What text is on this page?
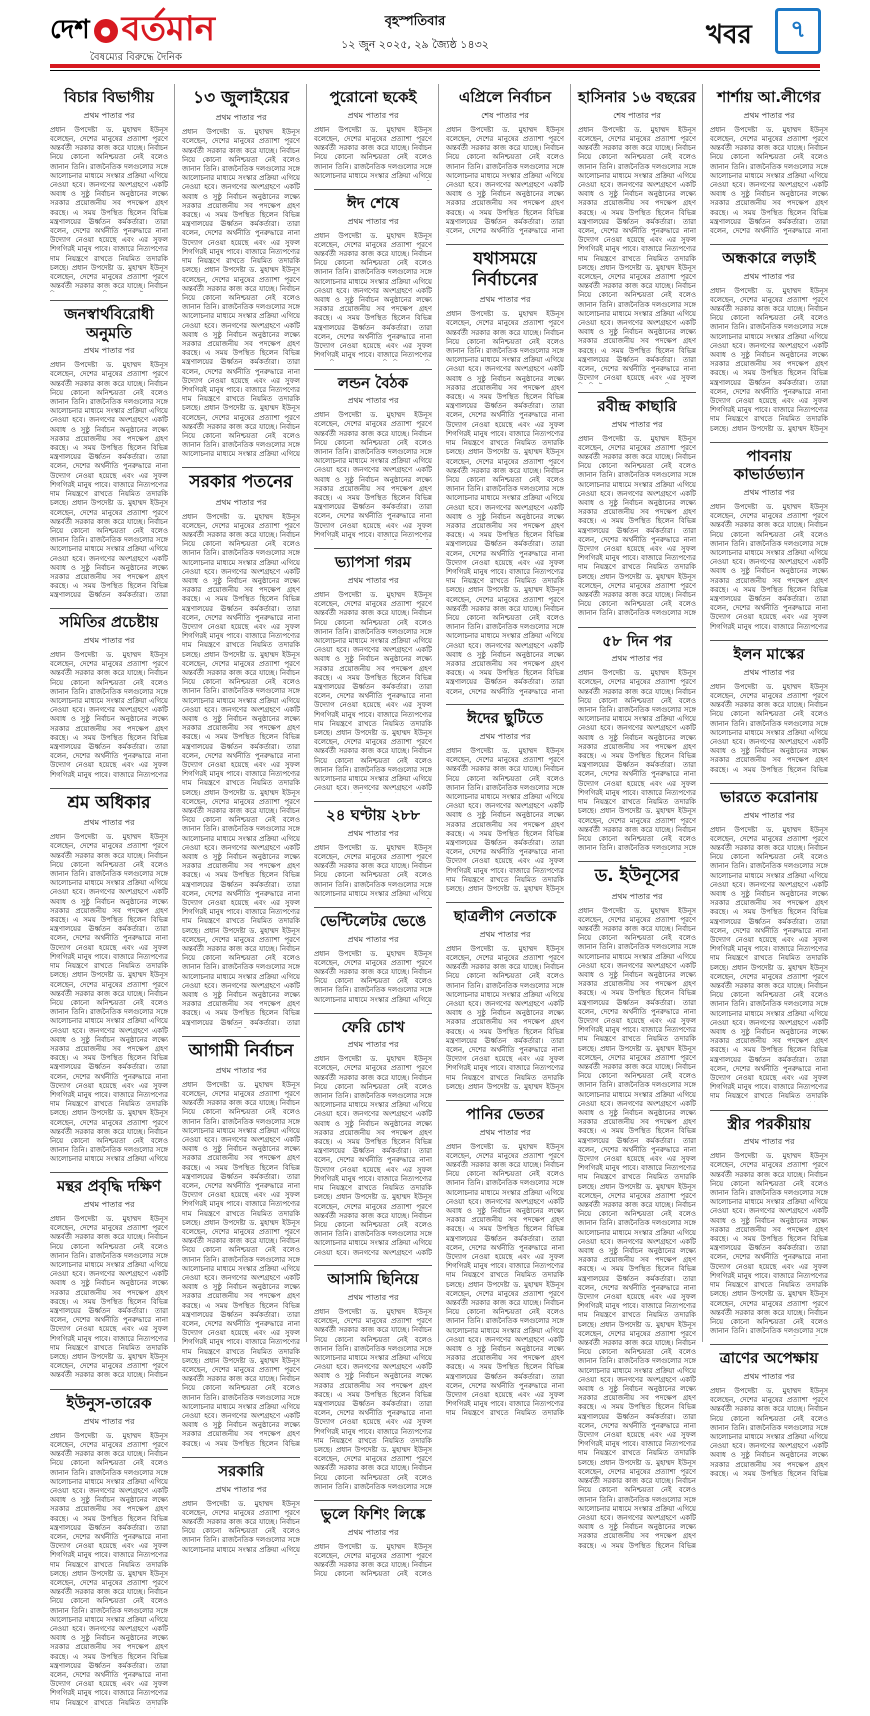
দেশ ● বর্তমান
বৈষম্যের বিরুদ্ধে দৈনিক
বৃহস্পতিবার
১২ জুন ২০২৫, ২৯ জ্যৈষ্ঠ ১৪৩২	খবর	৭
বিচার বিভাগীয়
প্রথম পাতার পর
প্রধান উপদেষ্টা ড. মুহাম্মদ ইউনূস বলেছেন, দেশের মানুষের প্রত্যাশা পূরণে অন্তর্বর্তী সরকার কাজ করে যাচ্ছে। নির্বাচন নিয়ে কোনো অনিশ্চয়তা নেই বলেও জানান তিনি। রাজনৈতিক দলগুলোর সঙ্গে আলোচনার মাধ্যমে সংস্কার প্রক্রিয়া এগিয়ে নেওয়া হবে। জনগণের অংশগ্রহণে একটি অবাধ ও সুষ্ঠু নির্বাচন অনুষ্ঠানের লক্ষ্যে সরকার প্রয়োজনীয় সব পদক্ষেপ গ্রহণ করছে। এ সময় উপস্থিত ছিলেন বিভিন্ন মন্ত্রণালয়ের ঊর্ধ্বতন কর্মকর্তারা। তারা বলেন, দেশের অর্থনীতি পুনরুদ্ধারে নানা উদ্যোগ নেওয়া হয়েছে এবং এর সুফল শিগগিরই মানুষ পাবে। বাজারে নিত্যপণ্যের দাম নিয়ন্ত্রণে রাখতে নিয়মিত তদারকি চলছে। প্রধান উপদেষ্টা ড. মুহাম্মদ ইউনূস বলেছেন, দেশের মানুষের প্রত্যাশা পূরণে অন্তর্বর্তী সরকার কাজ করে যাচ্ছে। নির্বাচন
জনস্বার্থবিরোধী অনুমতি
প্রথম পাতার পর
প্রধান উপদেষ্টা ড. মুহাম্মদ ইউনূস বলেছেন, দেশের মানুষের প্রত্যাশা পূরণে অন্তর্বর্তী সরকার কাজ করে যাচ্ছে। নির্বাচন নিয়ে কোনো অনিশ্চয়তা নেই বলেও জানান তিনি। রাজনৈতিক দলগুলোর সঙ্গে আলোচনার মাধ্যমে সংস্কার প্রক্রিয়া এগিয়ে নেওয়া হবে। জনগণের অংশগ্রহণে একটি অবাধ ও সুষ্ঠু নির্বাচন অনুষ্ঠানের লক্ষ্যে সরকার প্রয়োজনীয় সব পদক্ষেপ গ্রহণ করছে। এ সময় উপস্থিত ছিলেন বিভিন্ন মন্ত্রণালয়ের ঊর্ধ্বতন কর্মকর্তারা। তারা বলেন, দেশের অর্থনীতি পুনরুদ্ধারে নানা উদ্যোগ নেওয়া হয়েছে এবং এর সুফল শিগগিরই মানুষ পাবে। বাজারে নিত্যপণ্যের দাম নিয়ন্ত্রণে রাখতে নিয়মিত তদারকি চলছে। প্রধান উপদেষ্টা ড. মুহাম্মদ ইউনূস বলেছেন, দেশের মানুষের প্রত্যাশা পূরণে অন্তর্বর্তী সরকার কাজ করে যাচ্ছে। নির্বাচন নিয়ে কোনো অনিশ্চয়তা নেই বলেও জানান তিনি। রাজনৈতিক দলগুলোর সঙ্গে আলোচনার মাধ্যমে সংস্কার প্রক্রিয়া এগিয়ে নেওয়া হবে। জনগণের অংশগ্রহণে একটি অবাধ ও সুষ্ঠু নির্বাচন অনুষ্ঠানের লক্ষ্যে সরকার প্রয়োজনীয় সব পদক্ষেপ গ্রহণ করছে। এ সময় উপস্থিত ছিলেন বিভিন্ন মন্ত্রণালয়ের ঊর্ধ্বতন কর্মকর্তারা। তারা
সমিতির প্রচেষ্টায়
প্রথম পাতার পর
প্রধান উপদেষ্টা ড. মুহাম্মদ ইউনূস বলেছেন, দেশের মানুষের প্রত্যাশা পূরণে অন্তর্বর্তী সরকার কাজ করে যাচ্ছে। নির্বাচন নিয়ে কোনো অনিশ্চয়তা নেই বলেও জানান তিনি। রাজনৈতিক দলগুলোর সঙ্গে আলোচনার মাধ্যমে সংস্কার প্রক্রিয়া এগিয়ে নেওয়া হবে। জনগণের অংশগ্রহণে একটি অবাধ ও সুষ্ঠু নির্বাচন অনুষ্ঠানের লক্ষ্যে সরকার প্রয়োজনীয় সব পদক্ষেপ গ্রহণ করছে। এ সময় উপস্থিত ছিলেন বিভিন্ন মন্ত্রণালয়ের ঊর্ধ্বতন কর্মকর্তারা। তারা বলেন, দেশের অর্থনীতি পুনরুদ্ধারে নানা উদ্যোগ নেওয়া হয়েছে এবং এর সুফল শিগগিরই মানুষ পাবে। বাজারে নিত্যপণ্যের
শ্রম অধিকার
প্রথম পাতার পর
প্রধান উপদেষ্টা ড. মুহাম্মদ ইউনূস বলেছেন, দেশের মানুষের প্রত্যাশা পূরণে অন্তর্বর্তী সরকার কাজ করে যাচ্ছে। নির্বাচন নিয়ে কোনো অনিশ্চয়তা নেই বলেও জানান তিনি। রাজনৈতিক দলগুলোর সঙ্গে আলোচনার মাধ্যমে সংস্কার প্রক্রিয়া এগিয়ে নেওয়া হবে। জনগণের অংশগ্রহণে একটি অবাধ ও সুষ্ঠু নির্বাচন অনুষ্ঠানের লক্ষ্যে সরকার প্রয়োজনীয় সব পদক্ষেপ গ্রহণ করছে। এ সময় উপস্থিত ছিলেন বিভিন্ন মন্ত্রণালয়ের ঊর্ধ্বতন কর্মকর্তারা। তারা বলেন, দেশের অর্থনীতি পুনরুদ্ধারে নানা উদ্যোগ নেওয়া হয়েছে এবং এর সুফল শিগগিরই মানুষ পাবে। বাজারে নিত্যপণ্যের দাম নিয়ন্ত্রণে রাখতে নিয়মিত তদারকি চলছে। প্রধান উপদেষ্টা ড. মুহাম্মদ ইউনূস বলেছেন, দেশের মানুষের প্রত্যাশা পূরণে অন্তর্বর্তী সরকার কাজ করে যাচ্ছে। নির্বাচন নিয়ে কোনো অনিশ্চয়তা নেই বলেও জানান তিনি। রাজনৈতিক দলগুলোর সঙ্গে আলোচনার মাধ্যমে সংস্কার প্রক্রিয়া এগিয়ে নেওয়া হবে। জনগণের অংশগ্রহণে একটি অবাধ ও সুষ্ঠু নির্বাচন অনুষ্ঠানের লক্ষ্যে সরকার প্রয়োজনীয় সব পদক্ষেপ গ্রহণ করছে। এ সময় উপস্থিত ছিলেন বিভিন্ন মন্ত্রণালয়ের ঊর্ধ্বতন কর্মকর্তারা। তারা বলেন, দেশের অর্থনীতি পুনরুদ্ধারে নানা উদ্যোগ নেওয়া হয়েছে এবং এর সুফল শিগগিরই মানুষ পাবে। বাজারে নিত্যপণ্যের দাম নিয়ন্ত্রণে রাখতে নিয়মিত তদারকি চলছে। প্রধান উপদেষ্টা ড. মুহাম্মদ ইউনূস বলেছেন, দেশের মানুষের প্রত্যাশা পূরণে অন্তর্বর্তী সরকার কাজ করে যাচ্ছে। নির্বাচন নিয়ে কোনো অনিশ্চয়তা নেই বলেও জানান তিনি। রাজনৈতিক দলগুলোর সঙ্গে আলোচনার মাধ্যমে সংস্কার প্রক্রিয়া এগিয়ে
মন্থর প্রবৃদ্ধি দক্ষিণ
প্রথম পাতার পর
প্রধান উপদেষ্টা ড. মুহাম্মদ ইউনূস বলেছেন, দেশের মানুষের প্রত্যাশা পূরণে অন্তর্বর্তী সরকার কাজ করে যাচ্ছে। নির্বাচন নিয়ে কোনো অনিশ্চয়তা নেই বলেও জানান তিনি। রাজনৈতিক দলগুলোর সঙ্গে আলোচনার মাধ্যমে সংস্কার প্রক্রিয়া এগিয়ে নেওয়া হবে। জনগণের অংশগ্রহণে একটি অবাধ ও সুষ্ঠু নির্বাচন অনুষ্ঠানের লক্ষ্যে সরকার প্রয়োজনীয় সব পদক্ষেপ গ্রহণ করছে। এ সময় উপস্থিত ছিলেন বিভিন্ন মন্ত্রণালয়ের ঊর্ধ্বতন কর্মকর্তারা। তারা বলেন, দেশের অর্থনীতি পুনরুদ্ধারে নানা উদ্যোগ নেওয়া হয়েছে এবং এর সুফল শিগগিরই মানুষ পাবে। বাজারে নিত্যপণ্যের দাম নিয়ন্ত্রণে রাখতে নিয়মিত তদারকি চলছে। প্রধান উপদেষ্টা ড. মুহাম্মদ ইউনূস বলেছেন, দেশের মানুষের প্রত্যাশা পূরণে অন্তর্বর্তী সরকার কাজ করে যাচ্ছে। নির্বাচন
ইউনুস-তারেক
প্রথম পাতার পর
প্রধান উপদেষ্টা ড. মুহাম্মদ ইউনূস বলেছেন, দেশের মানুষের প্রত্যাশা পূরণে অন্তর্বর্তী সরকার কাজ করে যাচ্ছে। নির্বাচন নিয়ে কোনো অনিশ্চয়তা নেই বলেও জানান তিনি। রাজনৈতিক দলগুলোর সঙ্গে আলোচনার মাধ্যমে সংস্কার প্রক্রিয়া এগিয়ে নেওয়া হবে। জনগণের অংশগ্রহণে একটি অবাধ ও সুষ্ঠু নির্বাচন অনুষ্ঠানের লক্ষ্যে সরকার প্রয়োজনীয় সব পদক্ষেপ গ্রহণ করছে। এ সময় উপস্থিত ছিলেন বিভিন্ন মন্ত্রণালয়ের ঊর্ধ্বতন কর্মকর্তারা। তারা বলেন, দেশের অর্থনীতি পুনরুদ্ধারে নানা উদ্যোগ নেওয়া হয়েছে এবং এর সুফল শিগগিরই মানুষ পাবে। বাজারে নিত্যপণ্যের দাম নিয়ন্ত্রণে রাখতে নিয়মিত তদারকি চলছে। প্রধান উপদেষ্টা ড. মুহাম্মদ ইউনূস বলেছেন, দেশের মানুষের প্রত্যাশা পূরণে অন্তর্বর্তী সরকার কাজ করে যাচ্ছে। নির্বাচন নিয়ে কোনো অনিশ্চয়তা নেই বলেও জানান তিনি। রাজনৈতিক দলগুলোর সঙ্গে আলোচনার মাধ্যমে সংস্কার প্রক্রিয়া এগিয়ে নেওয়া হবে। জনগণের অংশগ্রহণে একটি অবাধ ও সুষ্ঠু নির্বাচন অনুষ্ঠানের লক্ষ্যে সরকার প্রয়োজনীয় সব পদক্ষেপ গ্রহণ করছে। এ সময় উপস্থিত ছিলেন বিভিন্ন মন্ত্রণালয়ের ঊর্ধ্বতন কর্মকর্তারা। তারা বলেন, দেশের অর্থনীতি পুনরুদ্ধারে নানা উদ্যোগ নেওয়া হয়েছে এবং এর সুফল শিগগিরই মানুষ পাবে। বাজারে নিত্যপণ্যের দাম নিয়ন্ত্রণে রাখতে নিয়মিত তদারকি
১৩ জুলাইয়ের
প্রথম পাতার পর
প্রধান উপদেষ্টা ড. মুহাম্মদ ইউনূস বলেছেন, দেশের মানুষের প্রত্যাশা পূরণে অন্তর্বর্তী সরকার কাজ করে যাচ্ছে। নির্বাচন নিয়ে কোনো অনিশ্চয়তা নেই বলেও জানান তিনি। রাজনৈতিক দলগুলোর সঙ্গে আলোচনার মাধ্যমে সংস্কার প্রক্রিয়া এগিয়ে নেওয়া হবে। জনগণের অংশগ্রহণে একটি অবাধ ও সুষ্ঠু নির্বাচন অনুষ্ঠানের লক্ষ্যে সরকার প্রয়োজনীয় সব পদক্ষেপ গ্রহণ করছে। এ সময় উপস্থিত ছিলেন বিভিন্ন মন্ত্রণালয়ের ঊর্ধ্বতন কর্মকর্তারা। তারা বলেন, দেশের অর্থনীতি পুনরুদ্ধারে নানা উদ্যোগ নেওয়া হয়েছে এবং এর সুফল শিগগিরই মানুষ পাবে। বাজারে নিত্যপণ্যের দাম নিয়ন্ত্রণে রাখতে নিয়মিত তদারকি চলছে। প্রধান উপদেষ্টা ড. মুহাম্মদ ইউনূস বলেছেন, দেশের মানুষের প্রত্যাশা পূরণে অন্তর্বর্তী সরকার কাজ করে যাচ্ছে। নির্বাচন নিয়ে কোনো অনিশ্চয়তা নেই বলেও জানান তিনি। রাজনৈতিক দলগুলোর সঙ্গে আলোচনার মাধ্যমে সংস্কার প্রক্রিয়া এগিয়ে নেওয়া হবে। জনগণের অংশগ্রহণে একটি অবাধ ও সুষ্ঠু নির্বাচন অনুষ্ঠানের লক্ষ্যে সরকার প্রয়োজনীয় সব পদক্ষেপ গ্রহণ করছে। এ সময় উপস্থিত ছিলেন বিভিন্ন মন্ত্রণালয়ের ঊর্ধ্বতন কর্মকর্তারা। তারা বলেন, দেশের অর্থনীতি পুনরুদ্ধারে নানা উদ্যোগ নেওয়া হয়েছে এবং এর সুফল শিগগিরই মানুষ পাবে। বাজারে নিত্যপণ্যের দাম নিয়ন্ত্রণে রাখতে নিয়মিত তদারকি চলছে। প্রধান উপদেষ্টা ড. মুহাম্মদ ইউনূস বলেছেন, দেশের মানুষের প্রত্যাশা পূরণে অন্তর্বর্তী সরকার কাজ করে যাচ্ছে। নির্বাচন নিয়ে কোনো অনিশ্চয়তা নেই বলেও জানান তিনি। রাজনৈতিক দলগুলোর সঙ্গে আলোচনার মাধ্যমে সংস্কার প্রক্রিয়া এগিয়ে
সরকার পতনের
প্রথম পাতার পর
প্রধান উপদেষ্টা ড. মুহাম্মদ ইউনূস বলেছেন, দেশের মানুষের প্রত্যাশা পূরণে অন্তর্বর্তী সরকার কাজ করে যাচ্ছে। নির্বাচন নিয়ে কোনো অনিশ্চয়তা নেই বলেও জানান তিনি। রাজনৈতিক দলগুলোর সঙ্গে আলোচনার মাধ্যমে সংস্কার প্রক্রিয়া এগিয়ে নেওয়া হবে। জনগণের অংশগ্রহণে একটি অবাধ ও সুষ্ঠু নির্বাচন অনুষ্ঠানের লক্ষ্যে সরকার প্রয়োজনীয় সব পদক্ষেপ গ্রহণ করছে। এ সময় উপস্থিত ছিলেন বিভিন্ন মন্ত্রণালয়ের ঊর্ধ্বতন কর্মকর্তারা। তারা বলেন, দেশের অর্থনীতি পুনরুদ্ধারে নানা উদ্যোগ নেওয়া হয়েছে এবং এর সুফল শিগগিরই মানুষ পাবে। বাজারে নিত্যপণ্যের দাম নিয়ন্ত্রণে রাখতে নিয়মিত তদারকি চলছে। প্রধান উপদেষ্টা ড. মুহাম্মদ ইউনূস বলেছেন, দেশের মানুষের প্রত্যাশা পূরণে অন্তর্বর্তী সরকার কাজ করে যাচ্ছে। নির্বাচন নিয়ে কোনো অনিশ্চয়তা নেই বলেও জানান তিনি। রাজনৈতিক দলগুলোর সঙ্গে আলোচনার মাধ্যমে সংস্কার প্রক্রিয়া এগিয়ে নেওয়া হবে। জনগণের অংশগ্রহণে একটি অবাধ ও সুষ্ঠু নির্বাচন অনুষ্ঠানের লক্ষ্যে সরকার প্রয়োজনীয় সব পদক্ষেপ গ্রহণ করছে। এ সময় উপস্থিত ছিলেন বিভিন্ন মন্ত্রণালয়ের ঊর্ধ্বতন কর্মকর্তারা। তারা বলেন, দেশের অর্থনীতি পুনরুদ্ধারে নানা উদ্যোগ নেওয়া হয়েছে এবং এর সুফল শিগগিরই মানুষ পাবে। বাজারে নিত্যপণ্যের দাম নিয়ন্ত্রণে রাখতে নিয়মিত তদারকি চলছে। প্রধান উপদেষ্টা ড. মুহাম্মদ ইউনূস বলেছেন, দেশের মানুষের প্রত্যাশা পূরণে অন্তর্বর্তী সরকার কাজ করে যাচ্ছে। নির্বাচন নিয়ে কোনো অনিশ্চয়তা নেই বলেও জানান তিনি। রাজনৈতিক দলগুলোর সঙ্গে আলোচনার মাধ্যমে সংস্কার প্রক্রিয়া এগিয়ে নেওয়া হবে। জনগণের অংশগ্রহণে একটি অবাধ ও সুষ্ঠু নির্বাচন অনুষ্ঠানের লক্ষ্যে সরকার প্রয়োজনীয় সব পদক্ষেপ গ্রহণ করছে। এ সময় উপস্থিত ছিলেন বিভিন্ন মন্ত্রণালয়ের ঊর্ধ্বতন কর্মকর্তারা। তারা বলেন, দেশের অর্থনীতি পুনরুদ্ধারে নানা উদ্যোগ নেওয়া হয়েছে এবং এর সুফল শিগগিরই মানুষ পাবে। বাজারে নিত্যপণ্যের দাম নিয়ন্ত্রণে রাখতে নিয়মিত তদারকি চলছে। প্রধান উপদেষ্টা ড. মুহাম্মদ ইউনূস বলেছেন, দেশের মানুষের প্রত্যাশা পূরণে অন্তর্বর্তী সরকার কাজ করে যাচ্ছে। নির্বাচন নিয়ে কোনো অনিশ্চয়তা নেই বলেও জানান তিনি। রাজনৈতিক দলগুলোর সঙ্গে আলোচনার মাধ্যমে সংস্কার প্রক্রিয়া এগিয়ে নেওয়া হবে। জনগণের অংশগ্রহণে একটি অবাধ ও সুষ্ঠু নির্বাচন অনুষ্ঠানের লক্ষ্যে সরকার প্রয়োজনীয় সব পদক্ষেপ গ্রহণ করছে। এ সময় উপস্থিত ছিলেন বিভিন্ন মন্ত্রণালয়ের ঊর্ধ্বতন কর্মকর্তারা। তারা
আগামী নির্বাচন
প্রথম পাতার পর
প্রধান উপদেষ্টা ড. মুহাম্মদ ইউনূস বলেছেন, দেশের মানুষের প্রত্যাশা পূরণে অন্তর্বর্তী সরকার কাজ করে যাচ্ছে। নির্বাচন নিয়ে কোনো অনিশ্চয়তা নেই বলেও জানান তিনি। রাজনৈতিক দলগুলোর সঙ্গে আলোচনার মাধ্যমে সংস্কার প্রক্রিয়া এগিয়ে নেওয়া হবে। জনগণের অংশগ্রহণে একটি অবাধ ও সুষ্ঠু নির্বাচন অনুষ্ঠানের লক্ষ্যে সরকার প্রয়োজনীয় সব পদক্ষেপ গ্রহণ করছে। এ সময় উপস্থিত ছিলেন বিভিন্ন মন্ত্রণালয়ের ঊর্ধ্বতন কর্মকর্তারা। তারা বলেন, দেশের অর্থনীতি পুনরুদ্ধারে নানা উদ্যোগ নেওয়া হয়েছে এবং এর সুফল শিগগিরই মানুষ পাবে। বাজারে নিত্যপণ্যের দাম নিয়ন্ত্রণে রাখতে নিয়মিত তদারকি চলছে। প্রধান উপদেষ্টা ড. মুহাম্মদ ইউনূস বলেছেন, দেশের মানুষের প্রত্যাশা পূরণে অন্তর্বর্তী সরকার কাজ করে যাচ্ছে। নির্বাচন নিয়ে কোনো অনিশ্চয়তা নেই বলেও জানান তিনি। রাজনৈতিক দলগুলোর সঙ্গে আলোচনার মাধ্যমে সংস্কার প্রক্রিয়া এগিয়ে নেওয়া হবে। জনগণের অংশগ্রহণে একটি অবাধ ও সুষ্ঠু নির্বাচন অনুষ্ঠানের লক্ষ্যে সরকার প্রয়োজনীয় সব পদক্ষেপ গ্রহণ করছে। এ সময় উপস্থিত ছিলেন বিভিন্ন মন্ত্রণালয়ের ঊর্ধ্বতন কর্মকর্তারা। তারা বলেন, দেশের অর্থনীতি পুনরুদ্ধারে নানা উদ্যোগ নেওয়া হয়েছে এবং এর সুফল শিগগিরই মানুষ পাবে। বাজারে নিত্যপণ্যের দাম নিয়ন্ত্রণে রাখতে নিয়মিত তদারকি চলছে। প্রধান উপদেষ্টা ড. মুহাম্মদ ইউনূস বলেছেন, দেশের মানুষের প্রত্যাশা পূরণে অন্তর্বর্তী সরকার কাজ করে যাচ্ছে। নির্বাচন নিয়ে কোনো অনিশ্চয়তা নেই বলেও জানান তিনি। রাজনৈতিক দলগুলোর সঙ্গে আলোচনার মাধ্যমে সংস্কার প্রক্রিয়া এগিয়ে নেওয়া হবে। জনগণের অংশগ্রহণে একটি অবাধ ও সুষ্ঠু নির্বাচন অনুষ্ঠানের লক্ষ্যে সরকার প্রয়োজনীয় সব পদক্ষেপ গ্রহণ করছে। এ সময় উপস্থিত ছিলেন বিভিন্ন
সরকারি
প্রথম পাতার পর
প্রধান উপদেষ্টা ড. মুহাম্মদ ইউনূস বলেছেন, দেশের মানুষের প্রত্যাশা পূরণে অন্তর্বর্তী সরকার কাজ করে যাচ্ছে। নির্বাচন নিয়ে কোনো অনিশ্চয়তা নেই বলেও জানান তিনি। রাজনৈতিক দলগুলোর সঙ্গে আলোচনার মাধ্যমে সংস্কার প্রক্রিয়া এগিয়ে
পুরোনো ছকেই
প্রথম পাতার পর
প্রধান উপদেষ্টা ড. মুহাম্মদ ইউনূস বলেছেন, দেশের মানুষের প্রত্যাশা পূরণে অন্তর্বর্তী সরকার কাজ করে যাচ্ছে। নির্বাচন নিয়ে কোনো অনিশ্চয়তা নেই বলেও জানান তিনি। রাজনৈতিক দলগুলোর সঙ্গে আলোচনার মাধ্যমে সংস্কার প্রক্রিয়া এগিয়ে
ঈদ শেষে
প্রথম পাতার পর
প্রধান উপদেষ্টা ড. মুহাম্মদ ইউনূস বলেছেন, দেশের মানুষের প্রত্যাশা পূরণে অন্তর্বর্তী সরকার কাজ করে যাচ্ছে। নির্বাচন নিয়ে কোনো অনিশ্চয়তা নেই বলেও জানান তিনি। রাজনৈতিক দলগুলোর সঙ্গে আলোচনার মাধ্যমে সংস্কার প্রক্রিয়া এগিয়ে নেওয়া হবে। জনগণের অংশগ্রহণে একটি অবাধ ও সুষ্ঠু নির্বাচন অনুষ্ঠানের লক্ষ্যে সরকার প্রয়োজনীয় সব পদক্ষেপ গ্রহণ করছে। এ সময় উপস্থিত ছিলেন বিভিন্ন মন্ত্রণালয়ের ঊর্ধ্বতন কর্মকর্তারা। তারা বলেন, দেশের অর্থনীতি পুনরুদ্ধারে নানা উদ্যোগ নেওয়া হয়েছে এবং এর সুফল শিগগিরই মানুষ পাবে। বাজারে নিত্যপণ্যের
লন্ডন বৈঠক
প্রথম পাতার পর
প্রধান উপদেষ্টা ড. মুহাম্মদ ইউনূস বলেছেন, দেশের মানুষের প্রত্যাশা পূরণে অন্তর্বর্তী সরকার কাজ করে যাচ্ছে। নির্বাচন নিয়ে কোনো অনিশ্চয়তা নেই বলেও জানান তিনি। রাজনৈতিক দলগুলোর সঙ্গে আলোচনার মাধ্যমে সংস্কার প্রক্রিয়া এগিয়ে নেওয়া হবে। জনগণের অংশগ্রহণে একটি অবাধ ও সুষ্ঠু নির্বাচন অনুষ্ঠানের লক্ষ্যে সরকার প্রয়োজনীয় সব পদক্ষেপ গ্রহণ করছে। এ সময় উপস্থিত ছিলেন বিভিন্ন মন্ত্রণালয়ের ঊর্ধ্বতন কর্মকর্তারা। তারা বলেন, দেশের অর্থনীতি পুনরুদ্ধারে নানা উদ্যোগ নেওয়া হয়েছে এবং এর সুফল শিগগিরই মানুষ পাবে। বাজারে নিত্যপণ্যের
ভ্যাপসা গরম
প্রথম পাতার পর
প্রধান উপদেষ্টা ড. মুহাম্মদ ইউনূস বলেছেন, দেশের মানুষের প্রত্যাশা পূরণে অন্তর্বর্তী সরকার কাজ করে যাচ্ছে। নির্বাচন নিয়ে কোনো অনিশ্চয়তা নেই বলেও জানান তিনি। রাজনৈতিক দলগুলোর সঙ্গে আলোচনার মাধ্যমে সংস্কার প্রক্রিয়া এগিয়ে নেওয়া হবে। জনগণের অংশগ্রহণে একটি অবাধ ও সুষ্ঠু নির্বাচন অনুষ্ঠানের লক্ষ্যে সরকার প্রয়োজনীয় সব পদক্ষেপ গ্রহণ করছে। এ সময় উপস্থিত ছিলেন বিভিন্ন মন্ত্রণালয়ের ঊর্ধ্বতন কর্মকর্তারা। তারা বলেন, দেশের অর্থনীতি পুনরুদ্ধারে নানা উদ্যোগ নেওয়া হয়েছে এবং এর সুফল শিগগিরই মানুষ পাবে। বাজারে নিত্যপণ্যের দাম নিয়ন্ত্রণে রাখতে নিয়মিত তদারকি চলছে। প্রধান উপদেষ্টা ড. মুহাম্মদ ইউনূস বলেছেন, দেশের মানুষের প্রত্যাশা পূরণে অন্তর্বর্তী সরকার কাজ করে যাচ্ছে। নির্বাচন নিয়ে কোনো অনিশ্চয়তা নেই বলেও জানান তিনি। রাজনৈতিক দলগুলোর সঙ্গে আলোচনার মাধ্যমে সংস্কার প্রক্রিয়া এগিয়ে নেওয়া হবে। জনগণের অংশগ্রহণে একটি
২৪ ঘণ্টায় ২৮৮
প্রথম পাতার পর
প্রধান উপদেষ্টা ড. মুহাম্মদ ইউনূস বলেছেন, দেশের মানুষের প্রত্যাশা পূরণে অন্তর্বর্তী সরকার কাজ করে যাচ্ছে। নির্বাচন নিয়ে কোনো অনিশ্চয়তা নেই বলেও জানান তিনি। রাজনৈতিক দলগুলোর সঙ্গে আলোচনার মাধ্যমে সংস্কার প্রক্রিয়া এগিয়ে
ভেন্টিলেটর ভেঙে
প্রথম পাতার পর
প্রধান উপদেষ্টা ড. মুহাম্মদ ইউনূস বলেছেন, দেশের মানুষের প্রত্যাশা পূরণে অন্তর্বর্তী সরকার কাজ করে যাচ্ছে। নির্বাচন নিয়ে কোনো অনিশ্চয়তা নেই বলেও জানান তিনি। রাজনৈতিক দলগুলোর সঙ্গে আলোচনার মাধ্যমে সংস্কার প্রক্রিয়া এগিয়ে
ফেরি চোখ
প্রথম পাতার পর
প্রধান উপদেষ্টা ড. মুহাম্মদ ইউনূস বলেছেন, দেশের মানুষের প্রত্যাশা পূরণে অন্তর্বর্তী সরকার কাজ করে যাচ্ছে। নির্বাচন নিয়ে কোনো অনিশ্চয়তা নেই বলেও জানান তিনি। রাজনৈতিক দলগুলোর সঙ্গে আলোচনার মাধ্যমে সংস্কার প্রক্রিয়া এগিয়ে নেওয়া হবে। জনগণের অংশগ্রহণে একটি অবাধ ও সুষ্ঠু নির্বাচন অনুষ্ঠানের লক্ষ্যে সরকার প্রয়োজনীয় সব পদক্ষেপ গ্রহণ করছে। এ সময় উপস্থিত ছিলেন বিভিন্ন মন্ত্রণালয়ের ঊর্ধ্বতন কর্মকর্তারা। তারা বলেন, দেশের অর্থনীতি পুনরুদ্ধারে নানা উদ্যোগ নেওয়া হয়েছে এবং এর সুফল শিগগিরই মানুষ পাবে। বাজারে নিত্যপণ্যের দাম নিয়ন্ত্রণে রাখতে নিয়মিত তদারকি চলছে। প্রধান উপদেষ্টা ড. মুহাম্মদ ইউনূস বলেছেন, দেশের মানুষের প্রত্যাশা পূরণে অন্তর্বর্তী সরকার কাজ করে যাচ্ছে। নির্বাচন নিয়ে কোনো অনিশ্চয়তা নেই বলেও জানান তিনি। রাজনৈতিক দলগুলোর সঙ্গে আলোচনার মাধ্যমে সংস্কার প্রক্রিয়া এগিয়ে নেওয়া হবে। জনগণের অংশগ্রহণে একটি
আসামি ছিনিয়ে
প্রথম পাতার পর
প্রধান উপদেষ্টা ড. মুহাম্মদ ইউনূস বলেছেন, দেশের মানুষের প্রত্যাশা পূরণে অন্তর্বর্তী সরকার কাজ করে যাচ্ছে। নির্বাচন নিয়ে কোনো অনিশ্চয়তা নেই বলেও জানান তিনি। রাজনৈতিক দলগুলোর সঙ্গে আলোচনার মাধ্যমে সংস্কার প্রক্রিয়া এগিয়ে নেওয়া হবে। জনগণের অংশগ্রহণে একটি অবাধ ও সুষ্ঠু নির্বাচন অনুষ্ঠানের লক্ষ্যে সরকার প্রয়োজনীয় সব পদক্ষেপ গ্রহণ করছে। এ সময় উপস্থিত ছিলেন বিভিন্ন মন্ত্রণালয়ের ঊর্ধ্বতন কর্মকর্তারা। তারা বলেন, দেশের অর্থনীতি পুনরুদ্ধারে নানা উদ্যোগ নেওয়া হয়েছে এবং এর সুফল শিগগিরই মানুষ পাবে। বাজারে নিত্যপণ্যের দাম নিয়ন্ত্রণে রাখতে নিয়মিত তদারকি চলছে। প্রধান উপদেষ্টা ড. মুহাম্মদ ইউনূস বলেছেন, দেশের মানুষের প্রত্যাশা পূরণে অন্তর্বর্তী সরকার কাজ করে যাচ্ছে। নির্বাচন নিয়ে কোনো অনিশ্চয়তা নেই বলেও জানান তিনি। রাজনৈতিক দলগুলোর সঙ্গে
ভুলে ফিশিং লিঙ্কে
প্রথম পাতার পর
প্রধান উপদেষ্টা ড. মুহাম্মদ ইউনূস বলেছেন, দেশের মানুষের প্রত্যাশা পূরণে অন্তর্বর্তী সরকার কাজ করে যাচ্ছে। নির্বাচন নিয়ে কোনো অনিশ্চয়তা নেই বলেও
এপ্রিলে নির্বাচন
শেষ পাতার পর
প্রধান উপদেষ্টা ড. মুহাম্মদ ইউনূস বলেছেন, দেশের মানুষের প্রত্যাশা পূরণে অন্তর্বর্তী সরকার কাজ করে যাচ্ছে। নির্বাচন নিয়ে কোনো অনিশ্চয়তা নেই বলেও জানান তিনি। রাজনৈতিক দলগুলোর সঙ্গে আলোচনার মাধ্যমে সংস্কার প্রক্রিয়া এগিয়ে নেওয়া হবে। জনগণের অংশগ্রহণে একটি অবাধ ও সুষ্ঠু নির্বাচন অনুষ্ঠানের লক্ষ্যে সরকার প্রয়োজনীয় সব পদক্ষেপ গ্রহণ করছে। এ সময় উপস্থিত ছিলেন বিভিন্ন মন্ত্রণালয়ের ঊর্ধ্বতন কর্মকর্তারা। তারা বলেন, দেশের অর্থনীতি পুনরুদ্ধারে নানা
যথাসময়ে নির্বাচনের
প্রথম পাতার পর
প্রধান উপদেষ্টা ড. মুহাম্মদ ইউনূস বলেছেন, দেশের মানুষের প্রত্যাশা পূরণে অন্তর্বর্তী সরকার কাজ করে যাচ্ছে। নির্বাচন নিয়ে কোনো অনিশ্চয়তা নেই বলেও জানান তিনি। রাজনৈতিক দলগুলোর সঙ্গে আলোচনার মাধ্যমে সংস্কার প্রক্রিয়া এগিয়ে নেওয়া হবে। জনগণের অংশগ্রহণে একটি অবাধ ও সুষ্ঠু নির্বাচন অনুষ্ঠানের লক্ষ্যে সরকার প্রয়োজনীয় সব পদক্ষেপ গ্রহণ করছে। এ সময় উপস্থিত ছিলেন বিভিন্ন মন্ত্রণালয়ের ঊর্ধ্বতন কর্মকর্তারা। তারা বলেন, দেশের অর্থনীতি পুনরুদ্ধারে নানা উদ্যোগ নেওয়া হয়েছে এবং এর সুফল শিগগিরই মানুষ পাবে। বাজারে নিত্যপণ্যের দাম নিয়ন্ত্রণে রাখতে নিয়মিত তদারকি চলছে। প্রধান উপদেষ্টা ড. মুহাম্মদ ইউনূস বলেছেন, দেশের মানুষের প্রত্যাশা পূরণে অন্তর্বর্তী সরকার কাজ করে যাচ্ছে। নির্বাচন নিয়ে কোনো অনিশ্চয়তা নেই বলেও জানান তিনি। রাজনৈতিক দলগুলোর সঙ্গে আলোচনার মাধ্যমে সংস্কার প্রক্রিয়া এগিয়ে নেওয়া হবে। জনগণের অংশগ্রহণে একটি অবাধ ও সুষ্ঠু নির্বাচন অনুষ্ঠানের লক্ষ্যে সরকার প্রয়োজনীয় সব পদক্ষেপ গ্রহণ করছে। এ সময় উপস্থিত ছিলেন বিভিন্ন মন্ত্রণালয়ের ঊর্ধ্বতন কর্মকর্তারা। তারা বলেন, দেশের অর্থনীতি পুনরুদ্ধারে নানা উদ্যোগ নেওয়া হয়েছে এবং এর সুফল শিগগিরই মানুষ পাবে। বাজারে নিত্যপণ্যের দাম নিয়ন্ত্রণে রাখতে নিয়মিত তদারকি চলছে। প্রধান উপদেষ্টা ড. মুহাম্মদ ইউনূস বলেছেন, দেশের মানুষের প্রত্যাশা পূরণে অন্তর্বর্তী সরকার কাজ করে যাচ্ছে। নির্বাচন নিয়ে কোনো অনিশ্চয়তা নেই বলেও জানান তিনি। রাজনৈতিক দলগুলোর সঙ্গে আলোচনার মাধ্যমে সংস্কার প্রক্রিয়া এগিয়ে নেওয়া হবে। জনগণের অংশগ্রহণে একটি অবাধ ও সুষ্ঠু নির্বাচন অনুষ্ঠানের লক্ষ্যে সরকার প্রয়োজনীয় সব পদক্ষেপ গ্রহণ করছে। এ সময় উপস্থিত ছিলেন বিভিন্ন মন্ত্রণালয়ের ঊর্ধ্বতন কর্মকর্তারা। তারা বলেন, দেশের অর্থনীতি পুনরুদ্ধারে নানা
ঈদের ছুটিতে
প্রথম পাতার পর
প্রধান উপদেষ্টা ড. মুহাম্মদ ইউনূস বলেছেন, দেশের মানুষের প্রত্যাশা পূরণে অন্তর্বর্তী সরকার কাজ করে যাচ্ছে। নির্বাচন নিয়ে কোনো অনিশ্চয়তা নেই বলেও জানান তিনি। রাজনৈতিক দলগুলোর সঙ্গে আলোচনার মাধ্যমে সংস্কার প্রক্রিয়া এগিয়ে নেওয়া হবে। জনগণের অংশগ্রহণে একটি অবাধ ও সুষ্ঠু নির্বাচন অনুষ্ঠানের লক্ষ্যে সরকার প্রয়োজনীয় সব পদক্ষেপ গ্রহণ করছে। এ সময় উপস্থিত ছিলেন বিভিন্ন মন্ত্রণালয়ের ঊর্ধ্বতন কর্মকর্তারা। তারা বলেন, দেশের অর্থনীতি পুনরুদ্ধারে নানা উদ্যোগ নেওয়া হয়েছে এবং এর সুফল শিগগিরই মানুষ পাবে। বাজারে নিত্যপণ্যের দাম নিয়ন্ত্রণে রাখতে নিয়মিত তদারকি চলছে। প্রধান উপদেষ্টা ড. মুহাম্মদ ইউনূস
ছাত্রলীগ নেতাকে
প্রথম পাতার পর
প্রধান উপদেষ্টা ড. মুহাম্মদ ইউনূস বলেছেন, দেশের মানুষের প্রত্যাশা পূরণে অন্তর্বর্তী সরকার কাজ করে যাচ্ছে। নির্বাচন নিয়ে কোনো অনিশ্চয়তা নেই বলেও জানান তিনি। রাজনৈতিক দলগুলোর সঙ্গে আলোচনার মাধ্যমে সংস্কার প্রক্রিয়া এগিয়ে নেওয়া হবে। জনগণের অংশগ্রহণে একটি অবাধ ও সুষ্ঠু নির্বাচন অনুষ্ঠানের লক্ষ্যে সরকার প্রয়োজনীয় সব পদক্ষেপ গ্রহণ করছে। এ সময় উপস্থিত ছিলেন বিভিন্ন মন্ত্রণালয়ের ঊর্ধ্বতন কর্মকর্তারা। তারা বলেন, দেশের অর্থনীতি পুনরুদ্ধারে নানা উদ্যোগ নেওয়া হয়েছে এবং এর সুফল শিগগিরই মানুষ পাবে। বাজারে নিত্যপণ্যের দাম নিয়ন্ত্রণে রাখতে নিয়মিত তদারকি চলছে। প্রধান উপদেষ্টা ড. মুহাম্মদ ইউনূস
পানির ভেতর
প্রথম পাতার পর
প্রধান উপদেষ্টা ড. মুহাম্মদ ইউনূস বলেছেন, দেশের মানুষের প্রত্যাশা পূরণে অন্তর্বর্তী সরকার কাজ করে যাচ্ছে। নির্বাচন নিয়ে কোনো অনিশ্চয়তা নেই বলেও জানান তিনি। রাজনৈতিক দলগুলোর সঙ্গে আলোচনার মাধ্যমে সংস্কার প্রক্রিয়া এগিয়ে নেওয়া হবে। জনগণের অংশগ্রহণে একটি অবাধ ও সুষ্ঠু নির্বাচন অনুষ্ঠানের লক্ষ্যে সরকার প্রয়োজনীয় সব পদক্ষেপ গ্রহণ করছে। এ সময় উপস্থিত ছিলেন বিভিন্ন মন্ত্রণালয়ের ঊর্ধ্বতন কর্মকর্তারা। তারা বলেন, দেশের অর্থনীতি পুনরুদ্ধারে নানা উদ্যোগ নেওয়া হয়েছে এবং এর সুফল শিগগিরই মানুষ পাবে। বাজারে নিত্যপণ্যের দাম নিয়ন্ত্রণে রাখতে নিয়মিত তদারকি চলছে। প্রধান উপদেষ্টা ড. মুহাম্মদ ইউনূস বলেছেন, দেশের মানুষের প্রত্যাশা পূরণে অন্তর্বর্তী সরকার কাজ করে যাচ্ছে। নির্বাচন নিয়ে কোনো অনিশ্চয়তা নেই বলেও জানান তিনি। রাজনৈতিক দলগুলোর সঙ্গে আলোচনার মাধ্যমে সংস্কার প্রক্রিয়া এগিয়ে নেওয়া হবে। জনগণের অংশগ্রহণে একটি অবাধ ও সুষ্ঠু নির্বাচন অনুষ্ঠানের লক্ষ্যে সরকার প্রয়োজনীয় সব পদক্ষেপ গ্রহণ করছে। এ সময় উপস্থিত ছিলেন বিভিন্ন মন্ত্রণালয়ের ঊর্ধ্বতন কর্মকর্তারা। তারা বলেন, দেশের অর্থনীতি পুনরুদ্ধারে নানা উদ্যোগ নেওয়া হয়েছে এবং এর সুফল শিগগিরই মানুষ পাবে। বাজারে নিত্যপণ্যের দাম নিয়ন্ত্রণে রাখতে নিয়মিত তদারকি
হাসিনার ১৬ বছরের
শেষ পাতার পর
প্রধান উপদেষ্টা ড. মুহাম্মদ ইউনূস বলেছেন, দেশের মানুষের প্রত্যাশা পূরণে অন্তর্বর্তী সরকার কাজ করে যাচ্ছে। নির্বাচন নিয়ে কোনো অনিশ্চয়তা নেই বলেও জানান তিনি। রাজনৈতিক দলগুলোর সঙ্গে আলোচনার মাধ্যমে সংস্কার প্রক্রিয়া এগিয়ে নেওয়া হবে। জনগণের অংশগ্রহণে একটি অবাধ ও সুষ্ঠু নির্বাচন অনুষ্ঠানের লক্ষ্যে সরকার প্রয়োজনীয় সব পদক্ষেপ গ্রহণ করছে। এ সময় উপস্থিত ছিলেন বিভিন্ন মন্ত্রণালয়ের ঊর্ধ্বতন কর্মকর্তারা। তারা বলেন, দেশের অর্থনীতি পুনরুদ্ধারে নানা উদ্যোগ নেওয়া হয়েছে এবং এর সুফল শিগগিরই মানুষ পাবে। বাজারে নিত্যপণ্যের দাম নিয়ন্ত্রণে রাখতে নিয়মিত তদারকি চলছে। প্রধান উপদেষ্টা ড. মুহাম্মদ ইউনূস বলেছেন, দেশের মানুষের প্রত্যাশা পূরণে অন্তর্বর্তী সরকার কাজ করে যাচ্ছে। নির্বাচন নিয়ে কোনো অনিশ্চয়তা নেই বলেও জানান তিনি। রাজনৈতিক দলগুলোর সঙ্গে আলোচনার মাধ্যমে সংস্কার প্রক্রিয়া এগিয়ে নেওয়া হবে। জনগণের অংশগ্রহণে একটি অবাধ ও সুষ্ঠু নির্বাচন অনুষ্ঠানের লক্ষ্যে সরকার প্রয়োজনীয় সব পদক্ষেপ গ্রহণ করছে। এ সময় উপস্থিত ছিলেন বিভিন্ন মন্ত্রণালয়ের ঊর্ধ্বতন কর্মকর্তারা। তারা বলেন, দেশের অর্থনীতি পুনরুদ্ধারে নানা উদ্যোগ নেওয়া হয়েছে এবং এর সুফল
রবীন্দ্র কাছারি
প্রথম পাতার পর
প্রধান উপদেষ্টা ড. মুহাম্মদ ইউনূস বলেছেন, দেশের মানুষের প্রত্যাশা পূরণে অন্তর্বর্তী সরকার কাজ করে যাচ্ছে। নির্বাচন নিয়ে কোনো অনিশ্চয়তা নেই বলেও জানান তিনি। রাজনৈতিক দলগুলোর সঙ্গে আলোচনার মাধ্যমে সংস্কার প্রক্রিয়া এগিয়ে নেওয়া হবে। জনগণের অংশগ্রহণে একটি অবাধ ও সুষ্ঠু নির্বাচন অনুষ্ঠানের লক্ষ্যে সরকার প্রয়োজনীয় সব পদক্ষেপ গ্রহণ করছে। এ সময় উপস্থিত ছিলেন বিভিন্ন মন্ত্রণালয়ের ঊর্ধ্বতন কর্মকর্তারা। তারা বলেন, দেশের অর্থনীতি পুনরুদ্ধারে নানা উদ্যোগ নেওয়া হয়েছে এবং এর সুফল শিগগিরই মানুষ পাবে। বাজারে নিত্যপণ্যের দাম নিয়ন্ত্রণে রাখতে নিয়মিত তদারকি চলছে। প্রধান উপদেষ্টা ড. মুহাম্মদ ইউনূস বলেছেন, দেশের মানুষের প্রত্যাশা পূরণে অন্তর্বর্তী সরকার কাজ করে যাচ্ছে। নির্বাচন নিয়ে কোনো অনিশ্চয়তা নেই বলেও জানান তিনি। রাজনৈতিক দলগুলোর সঙ্গে
৫৮ দিন পর
প্রথম পাতার পর
প্রধান উপদেষ্টা ড. মুহাম্মদ ইউনূস বলেছেন, দেশের মানুষের প্রত্যাশা পূরণে অন্তর্বর্তী সরকার কাজ করে যাচ্ছে। নির্বাচন নিয়ে কোনো অনিশ্চয়তা নেই বলেও জানান তিনি। রাজনৈতিক দলগুলোর সঙ্গে আলোচনার মাধ্যমে সংস্কার প্রক্রিয়া এগিয়ে নেওয়া হবে। জনগণের অংশগ্রহণে একটি অবাধ ও সুষ্ঠু নির্বাচন অনুষ্ঠানের লক্ষ্যে সরকার প্রয়োজনীয় সব পদক্ষেপ গ্রহণ করছে। এ সময় উপস্থিত ছিলেন বিভিন্ন মন্ত্রণালয়ের ঊর্ধ্বতন কর্মকর্তারা। তারা বলেন, দেশের অর্থনীতি পুনরুদ্ধারে নানা উদ্যোগ নেওয়া হয়েছে এবং এর সুফল শিগগিরই মানুষ পাবে। বাজারে নিত্যপণ্যের দাম নিয়ন্ত্রণে রাখতে নিয়মিত তদারকি চলছে। প্রধান উপদেষ্টা ড. মুহাম্মদ ইউনূস বলেছেন, দেশের মানুষের প্রত্যাশা পূরণে অন্তর্বর্তী সরকার কাজ করে যাচ্ছে। নির্বাচন নিয়ে কোনো অনিশ্চয়তা নেই বলেও জানান তিনি। রাজনৈতিক দলগুলোর সঙ্গে
ড. ইউনূসের
প্রথম পাতার পর
প্রধান উপদেষ্টা ড. মুহাম্মদ ইউনূস বলেছেন, দেশের মানুষের প্রত্যাশা পূরণে অন্তর্বর্তী সরকার কাজ করে যাচ্ছে। নির্বাচন নিয়ে কোনো অনিশ্চয়তা নেই বলেও জানান তিনি। রাজনৈতিক দলগুলোর সঙ্গে আলোচনার মাধ্যমে সংস্কার প্রক্রিয়া এগিয়ে নেওয়া হবে। জনগণের অংশগ্রহণে একটি অবাধ ও সুষ্ঠু নির্বাচন অনুষ্ঠানের লক্ষ্যে সরকার প্রয়োজনীয় সব পদক্ষেপ গ্রহণ করছে। এ সময় উপস্থিত ছিলেন বিভিন্ন মন্ত্রণালয়ের ঊর্ধ্বতন কর্মকর্তারা। তারা বলেন, দেশের অর্থনীতি পুনরুদ্ধারে নানা উদ্যোগ নেওয়া হয়েছে এবং এর সুফল শিগগিরই মানুষ পাবে। বাজারে নিত্যপণ্যের দাম নিয়ন্ত্রণে রাখতে নিয়মিত তদারকি চলছে। প্রধান উপদেষ্টা ড. মুহাম্মদ ইউনূস বলেছেন, দেশের মানুষের প্রত্যাশা পূরণে অন্তর্বর্তী সরকার কাজ করে যাচ্ছে। নির্বাচন নিয়ে কোনো অনিশ্চয়তা নেই বলেও জানান তিনি। রাজনৈতিক দলগুলোর সঙ্গে আলোচনার মাধ্যমে সংস্কার প্রক্রিয়া এগিয়ে নেওয়া হবে। জনগণের অংশগ্রহণে একটি অবাধ ও সুষ্ঠু নির্বাচন অনুষ্ঠানের লক্ষ্যে সরকার প্রয়োজনীয় সব পদক্ষেপ গ্রহণ করছে। এ সময় উপস্থিত ছিলেন বিভিন্ন মন্ত্রণালয়ের ঊর্ধ্বতন কর্মকর্তারা। তারা বলেন, দেশের অর্থনীতি পুনরুদ্ধারে নানা উদ্যোগ নেওয়া হয়েছে এবং এর সুফল শিগগিরই মানুষ পাবে। বাজারে নিত্যপণ্যের দাম নিয়ন্ত্রণে রাখতে নিয়মিত তদারকি চলছে। প্রধান উপদেষ্টা ড. মুহাম্মদ ইউনূস বলেছেন, দেশের মানুষের প্রত্যাশা পূরণে অন্তর্বর্তী সরকার কাজ করে যাচ্ছে। নির্বাচন নিয়ে কোনো অনিশ্চয়তা নেই বলেও জানান তিনি। রাজনৈতিক দলগুলোর সঙ্গে আলোচনার মাধ্যমে সংস্কার প্রক্রিয়া এগিয়ে নেওয়া হবে। জনগণের অংশগ্রহণে একটি অবাধ ও সুষ্ঠু নির্বাচন অনুষ্ঠানের লক্ষ্যে সরকার প্রয়োজনীয় সব পদক্ষেপ গ্রহণ করছে। এ সময় উপস্থিত ছিলেন বিভিন্ন মন্ত্রণালয়ের ঊর্ধ্বতন কর্মকর্তারা। তারা বলেন, দেশের অর্থনীতি পুনরুদ্ধারে নানা উদ্যোগ নেওয়া হয়েছে এবং এর সুফল শিগগিরই মানুষ পাবে। বাজারে নিত্যপণ্যের দাম নিয়ন্ত্রণে রাখতে নিয়মিত তদারকি চলছে। প্রধান উপদেষ্টা ড. মুহাম্মদ ইউনূস বলেছেন, দেশের মানুষের প্রত্যাশা পূরণে অন্তর্বর্তী সরকার কাজ করে যাচ্ছে। নির্বাচন নিয়ে কোনো অনিশ্চয়তা নেই বলেও জানান তিনি। রাজনৈতিক দলগুলোর সঙ্গে আলোচনার মাধ্যমে সংস্কার প্রক্রিয়া এগিয়ে নেওয়া হবে। জনগণের অংশগ্রহণে একটি অবাধ ও সুষ্ঠু নির্বাচন অনুষ্ঠানের লক্ষ্যে সরকার প্রয়োজনীয় সব পদক্ষেপ গ্রহণ করছে। এ সময় উপস্থিত ছিলেন বিভিন্ন মন্ত্রণালয়ের ঊর্ধ্বতন কর্মকর্তারা। তারা বলেন, দেশের অর্থনীতি পুনরুদ্ধারে নানা উদ্যোগ নেওয়া হয়েছে এবং এর সুফল শিগগিরই মানুষ পাবে। বাজারে নিত্যপণ্যের দাম নিয়ন্ত্রণে রাখতে নিয়মিত তদারকি চলছে। প্রধান উপদেষ্টা ড. মুহাম্মদ ইউনূস বলেছেন, দেশের মানুষের প্রত্যাশা পূরণে অন্তর্বর্তী সরকার কাজ করে যাচ্ছে। নির্বাচন নিয়ে কোনো অনিশ্চয়তা নেই বলেও জানান তিনি। রাজনৈতিক দলগুলোর সঙ্গে আলোচনার মাধ্যমে সংস্কার প্রক্রিয়া এগিয়ে নেওয়া হবে। জনগণের অংশগ্রহণে একটি অবাধ ও সুষ্ঠু নির্বাচন অনুষ্ঠানের লক্ষ্যে সরকার প্রয়োজনীয় সব পদক্ষেপ গ্রহণ করছে। এ সময় উপস্থিত ছিলেন বিভিন্ন
শার্শায় আ.লীগের
প্রথম পাতার পর
প্রধান উপদেষ্টা ড. মুহাম্মদ ইউনূস বলেছেন, দেশের মানুষের প্রত্যাশা পূরণে অন্তর্বর্তী সরকার কাজ করে যাচ্ছে। নির্বাচন নিয়ে কোনো অনিশ্চয়তা নেই বলেও জানান তিনি। রাজনৈতিক দলগুলোর সঙ্গে আলোচনার মাধ্যমে সংস্কার প্রক্রিয়া এগিয়ে নেওয়া হবে। জনগণের অংশগ্রহণে একটি অবাধ ও সুষ্ঠু নির্বাচন অনুষ্ঠানের লক্ষ্যে সরকার প্রয়োজনীয় সব পদক্ষেপ গ্রহণ করছে। এ সময় উপস্থিত ছিলেন বিভিন্ন মন্ত্রণালয়ের ঊর্ধ্বতন কর্মকর্তারা। তারা বলেন, দেশের অর্থনীতি পুনরুদ্ধারে নানা
অন্ধকারে লড়াই
প্রথম পাতার পর
প্রধান উপদেষ্টা ড. মুহাম্মদ ইউনূস বলেছেন, দেশের মানুষের প্রত্যাশা পূরণে অন্তর্বর্তী সরকার কাজ করে যাচ্ছে। নির্বাচন নিয়ে কোনো অনিশ্চয়তা নেই বলেও জানান তিনি। রাজনৈতিক দলগুলোর সঙ্গে আলোচনার মাধ্যমে সংস্কার প্রক্রিয়া এগিয়ে নেওয়া হবে। জনগণের অংশগ্রহণে একটি অবাধ ও সুষ্ঠু নির্বাচন অনুষ্ঠানের লক্ষ্যে সরকার প্রয়োজনীয় সব পদক্ষেপ গ্রহণ করছে। এ সময় উপস্থিত ছিলেন বিভিন্ন মন্ত্রণালয়ের ঊর্ধ্বতন কর্মকর্তারা। তারা বলেন, দেশের অর্থনীতি পুনরুদ্ধারে নানা উদ্যোগ নেওয়া হয়েছে এবং এর সুফল শিগগিরই মানুষ পাবে। বাজারে নিত্যপণ্যের দাম নিয়ন্ত্রণে রাখতে নিয়মিত তদারকি চলছে। প্রধান উপদেষ্টা ড. মুহাম্মদ ইউনূস
পাবনায় কাভার্ডভ্যান
প্রথম পাতার পর
প্রধান উপদেষ্টা ড. মুহাম্মদ ইউনূস বলেছেন, দেশের মানুষের প্রত্যাশা পূরণে অন্তর্বর্তী সরকার কাজ করে যাচ্ছে। নির্বাচন নিয়ে কোনো অনিশ্চয়তা নেই বলেও জানান তিনি। রাজনৈতিক দলগুলোর সঙ্গে আলোচনার মাধ্যমে সংস্কার প্রক্রিয়া এগিয়ে নেওয়া হবে। জনগণের অংশগ্রহণে একটি অবাধ ও সুষ্ঠু নির্বাচন অনুষ্ঠানের লক্ষ্যে সরকার প্রয়োজনীয় সব পদক্ষেপ গ্রহণ করছে। এ সময় উপস্থিত ছিলেন বিভিন্ন মন্ত্রণালয়ের ঊর্ধ্বতন কর্মকর্তারা। তারা বলেন, দেশের অর্থনীতি পুনরুদ্ধারে নানা উদ্যোগ নেওয়া হয়েছে এবং এর সুফল শিগগিরই মানুষ পাবে। বাজারে নিত্যপণ্যের
ইলন মাস্কের
প্রথম পাতার পর
প্রধান উপদেষ্টা ড. মুহাম্মদ ইউনূস বলেছেন, দেশের মানুষের প্রত্যাশা পূরণে অন্তর্বর্তী সরকার কাজ করে যাচ্ছে। নির্বাচন নিয়ে কোনো অনিশ্চয়তা নেই বলেও জানান তিনি। রাজনৈতিক দলগুলোর সঙ্গে আলোচনার মাধ্যমে সংস্কার প্রক্রিয়া এগিয়ে নেওয়া হবে। জনগণের অংশগ্রহণে একটি অবাধ ও সুষ্ঠু নির্বাচন অনুষ্ঠানের লক্ষ্যে সরকার প্রয়োজনীয় সব পদক্ষেপ গ্রহণ করছে। এ সময় উপস্থিত ছিলেন বিভিন্ন
ভারতে করোনায়
প্রথম পাতার পর
প্রধান উপদেষ্টা ড. মুহাম্মদ ইউনূস বলেছেন, দেশের মানুষের প্রত্যাশা পূরণে অন্তর্বর্তী সরকার কাজ করে যাচ্ছে। নির্বাচন নিয়ে কোনো অনিশ্চয়তা নেই বলেও জানান তিনি। রাজনৈতিক দলগুলোর সঙ্গে আলোচনার মাধ্যমে সংস্কার প্রক্রিয়া এগিয়ে নেওয়া হবে। জনগণের অংশগ্রহণে একটি অবাধ ও সুষ্ঠু নির্বাচন অনুষ্ঠানের লক্ষ্যে সরকার প্রয়োজনীয় সব পদক্ষেপ গ্রহণ করছে। এ সময় উপস্থিত ছিলেন বিভিন্ন মন্ত্রণালয়ের ঊর্ধ্বতন কর্মকর্তারা। তারা বলেন, দেশের অর্থনীতি পুনরুদ্ধারে নানা উদ্যোগ নেওয়া হয়েছে এবং এর সুফল শিগগিরই মানুষ পাবে। বাজারে নিত্যপণ্যের দাম নিয়ন্ত্রণে রাখতে নিয়মিত তদারকি চলছে। প্রধান উপদেষ্টা ড. মুহাম্মদ ইউনূস বলেছেন, দেশের মানুষের প্রত্যাশা পূরণে অন্তর্বর্তী সরকার কাজ করে যাচ্ছে। নির্বাচন নিয়ে কোনো অনিশ্চয়তা নেই বলেও জানান তিনি। রাজনৈতিক দলগুলোর সঙ্গে আলোচনার মাধ্যমে সংস্কার প্রক্রিয়া এগিয়ে নেওয়া হবে। জনগণের অংশগ্রহণে একটি অবাধ ও সুষ্ঠু নির্বাচন অনুষ্ঠানের লক্ষ্যে সরকার প্রয়োজনীয় সব পদক্ষেপ গ্রহণ করছে। এ সময় উপস্থিত ছিলেন বিভিন্ন মন্ত্রণালয়ের ঊর্ধ্বতন কর্মকর্তারা। তারা বলেন, দেশের অর্থনীতি পুনরুদ্ধারে নানা উদ্যোগ নেওয়া হয়েছে এবং এর সুফল শিগগিরই মানুষ পাবে। বাজারে নিত্যপণ্যের দাম নিয়ন্ত্রণে রাখতে নিয়মিত তদারকি
স্ত্রীর পরকীয়ায়
প্রথম পাতার পর
প্রধান উপদেষ্টা ড. মুহাম্মদ ইউনূস বলেছেন, দেশের মানুষের প্রত্যাশা পূরণে অন্তর্বর্তী সরকার কাজ করে যাচ্ছে। নির্বাচন নিয়ে কোনো অনিশ্চয়তা নেই বলেও জানান তিনি। রাজনৈতিক দলগুলোর সঙ্গে আলোচনার মাধ্যমে সংস্কার প্রক্রিয়া এগিয়ে নেওয়া হবে। জনগণের অংশগ্রহণে একটি অবাধ ও সুষ্ঠু নির্বাচন অনুষ্ঠানের লক্ষ্যে সরকার প্রয়োজনীয় সব পদক্ষেপ গ্রহণ করছে। এ সময় উপস্থিত ছিলেন বিভিন্ন মন্ত্রণালয়ের ঊর্ধ্বতন কর্মকর্তারা। তারা বলেন, দেশের অর্থনীতি পুনরুদ্ধারে নানা উদ্যোগ নেওয়া হয়েছে এবং এর সুফল শিগগিরই মানুষ পাবে। বাজারে নিত্যপণ্যের দাম নিয়ন্ত্রণে রাখতে নিয়মিত তদারকি চলছে। প্রধান উপদেষ্টা ড. মুহাম্মদ ইউনূস বলেছেন, দেশের মানুষের প্রত্যাশা পূরণে অন্তর্বর্তী সরকার কাজ করে যাচ্ছে। নির্বাচন নিয়ে কোনো অনিশ্চয়তা নেই বলেও জানান তিনি। রাজনৈতিক দলগুলোর সঙ্গে
ত্রাণের অপেক্ষায়
প্রথম পাতার পর
প্রধান উপদেষ্টা ড. মুহাম্মদ ইউনূস বলেছেন, দেশের মানুষের প্রত্যাশা পূরণে অন্তর্বর্তী সরকার কাজ করে যাচ্ছে। নির্বাচন নিয়ে কোনো অনিশ্চয়তা নেই বলেও জানান তিনি। রাজনৈতিক দলগুলোর সঙ্গে আলোচনার মাধ্যমে সংস্কার প্রক্রিয়া এগিয়ে নেওয়া হবে। জনগণের অংশগ্রহণে একটি অবাধ ও সুষ্ঠু নির্বাচন অনুষ্ঠানের লক্ষ্যে সরকার প্রয়োজনীয় সব পদক্ষেপ গ্রহণ করছে। এ সময় উপস্থিত ছিলেন বিভিন্ন
